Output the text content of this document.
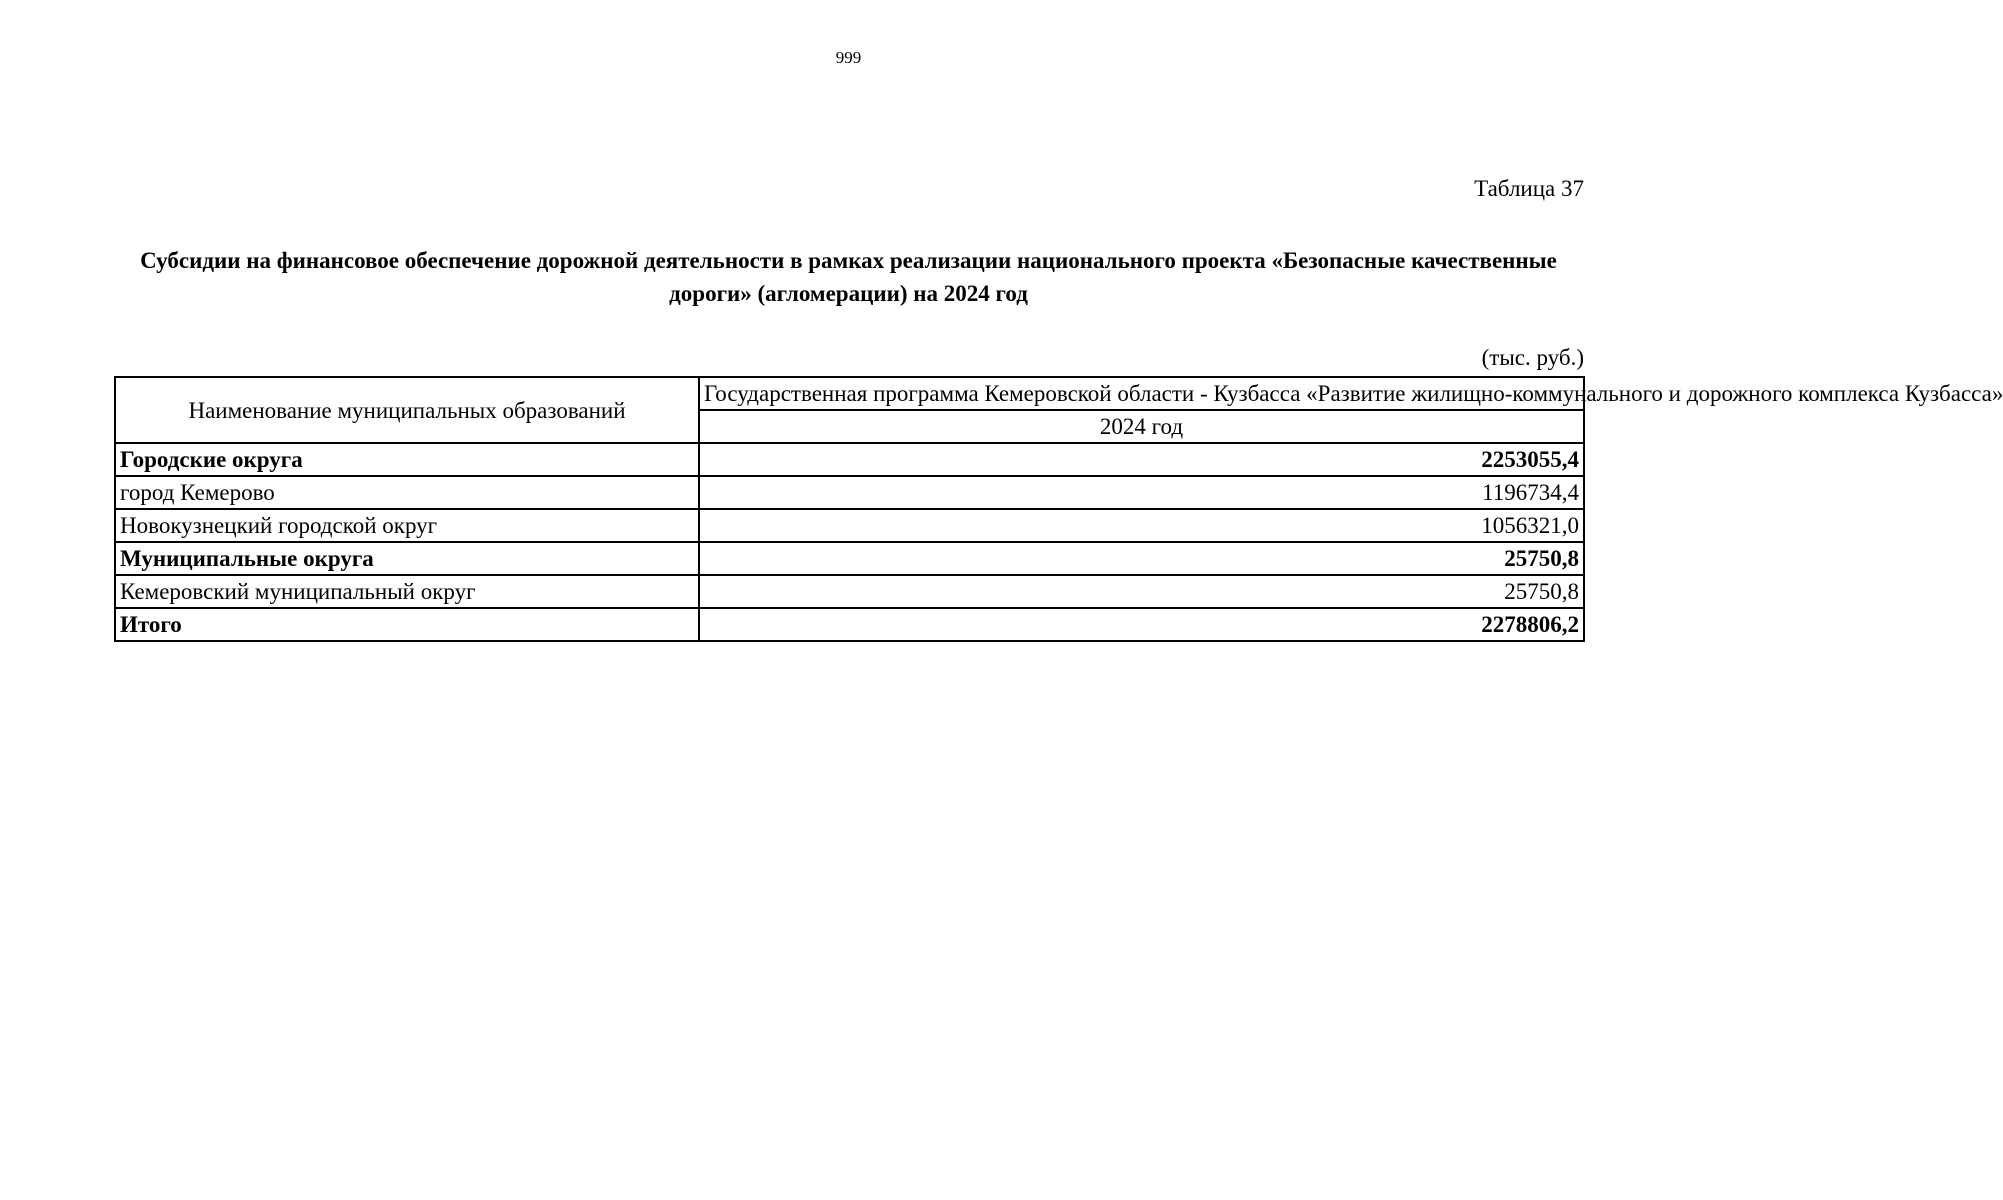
999
Таблица 37
Субсидии на финансовое обеспечение дорожной деятельности в рамках реализации национального проекта «Безопасные качественные дороги» (агломерации) на 2024 год
(тыс. руб.)
Наименование муниципальных образований	Государственная программа Кемеровской области - Кузбасса «Развитие жилищно-коммунального и дорожного комплекса Кузбасса»
	2024 год
Городские округа	2253055,4
город Кемерово	1196734,4
Новокузнецкий городской округ	1056321,0
Муниципальные округа	25750,8
Кемеровский муниципальный округ	25750,8
Итого	2278806,2
